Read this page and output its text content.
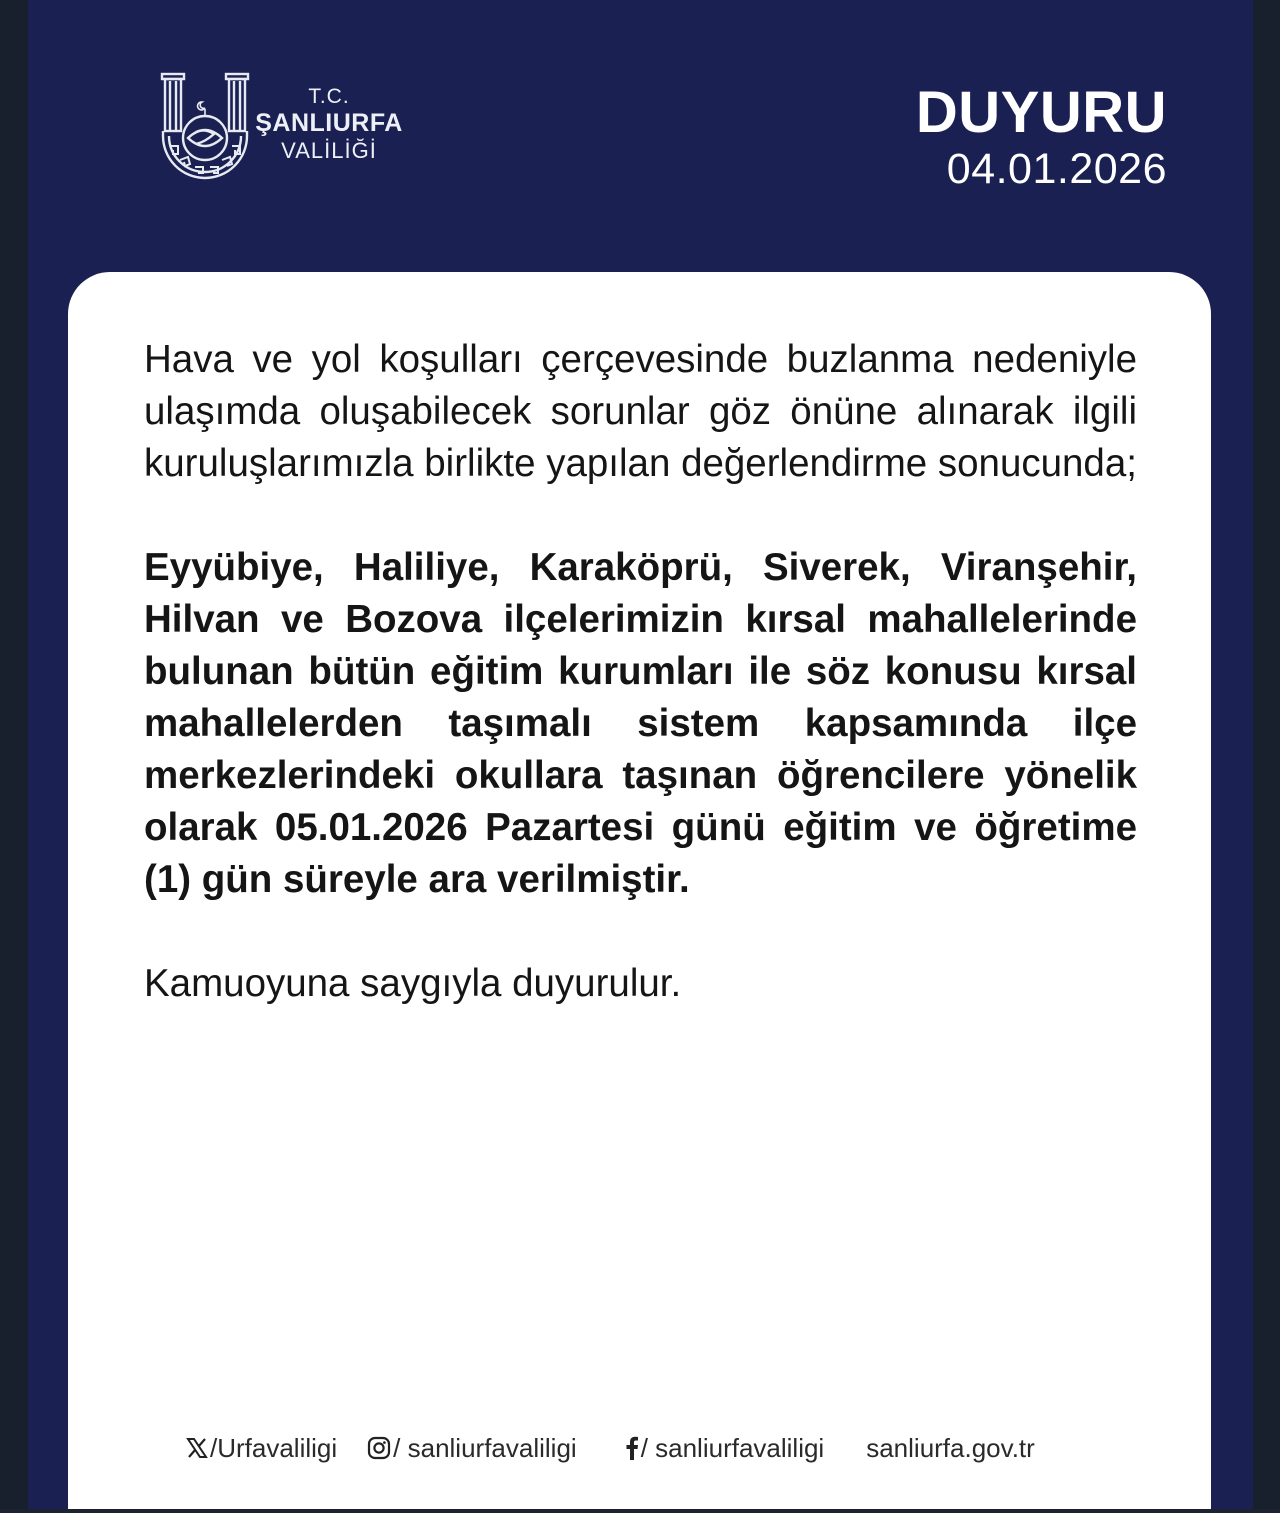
T.C.
ŞANLIURFA
VALİLİĞİ
DUYURU
04.01.2026

Hava ve yol koşulları çerçevesinde buzlanma nedeniyle ulaşımda oluşabilecek sorunlar göz önüne alınarak ilgili kuruluşlarımızla birlikte yapılan değerlendirme sonucunda;

Eyyübiye, Haliliye, Karaköprü, Siverek, Viranşehir, Hilvan ve Bozova ilçelerimizin kırsal mahallelerinde bulunan bütün eğitim kurumları ile söz konusu kırsal mahallelerden taşımalı sistem kapsamında ilçe merkezlerindeki okullara taşınan öğrencilere yönelik olarak 05.01.2026 Pazartesi günü eğitim ve öğretime (1) gün süreyle ara verilmiştir.

Kamuoyuna saygıyla duyurulur.

/Urfavaliligi / sanliurfavaliligi / sanliurfavaliligi sanliurfa.gov.tr
